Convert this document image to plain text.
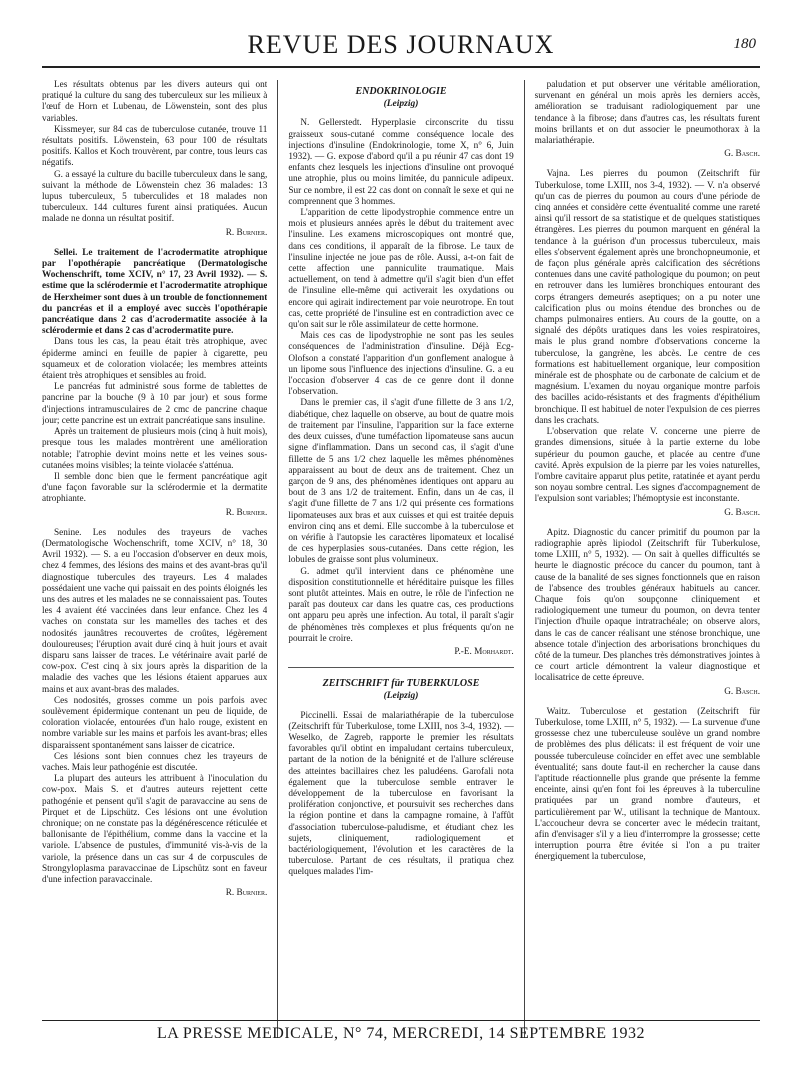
REVUE DES JOURNAUX	180

Les résultats obtenus par les divers auteurs qui ont pratiqué la culture du sang des tuberculeux sur les milieux à l'œuf de Horn et Lubenau, de Löwenstein, sont des plus variables.

Kissmeyer, sur 84 cas de tuberculose cutanée, trouve 11 résultats positifs. Löwenstein, 63 pour 100 de résultats positifs. Kallos et Koch trouvèrent, par contre, tous leurs cas négatifs.

G. a essayé la culture du bacille tuberculeux dans le sang, suivant la méthode de Löwenstein chez 36 malades: 13 lupus tuberculeux, 5 tuberculides et 18 malades non tuberculeux. 144 cultures furent ainsi pratiquées. Aucun malade ne donna un résultat positif.

R. Burnier.

Sellei. Le traitement de l'acrodermatite atrophique par l'opothérapie pancréatique (Dermatologische Wochenschrift, tome XCIV, n° 17, 23 Avril 1932). — S. estime que la sclérodermie et l'acrodermatite atrophique de Herxheimer sont dues à un trouble de fonctionnement du pancréas et il a employé avec succès l'opothérapie pancréatique dans 2 cas d'acrodermatite associée à la sclérodermie et dans 2 cas d'acrodermatite pure.

Dans tous les cas, la peau était très atrophique, avec épiderme aminci en feuille de papier à cigarette, peu squameux et de coloration violacée; les membres atteints étaient très atrophiques et sensibles au froid.

Le pancréas fut administré sous forme de tablettes de pancrine par la bouche (9 à 10 par jour) et sous forme d'injections intramusculaires de 2 cmc de pancrine chaque jour; cette pancrine est un extrait pancréatique sans insuline.

Après un traitement de plusieurs mois (cinq à huit mois), presque tous les malades montrèrent une amélioration notable; l'atrophie devint moins nette et les veines sous-cutanées moins visibles; la teinte violacée s'atténua.

Il semble donc bien que le ferment pancréatique agit d'une façon favorable sur la sclérodermie et la dermatite atrophiante.

R. Burnier.

Senine. Les nodules des trayeurs de vaches (Dermatologische Wochenschrift, tome XCIV, n° 18, 30 Avril 1932). — S. a eu l'occasion d'observer en deux mois, chez 4 femmes, des lésions des mains et des avant-bras qu'il diagnostique tubercules des trayeurs. Les 4 malades possédaient une vache qui paissait en des points éloignés les uns des autres et les malades ne se connaissaient pas. Toutes les 4 avaient été vaccinées dans leur enfance. Chez les 4 vaches on constata sur les mamelles des taches et des nodosités jaunâtres recouvertes de croûtes, légèrement douloureuses; l'éruption avait duré cinq à huit jours et avait disparu sans laisser de traces. Le vétérinaire avait parlé de cow-pox. C'est cinq à six jours après la disparition de la maladie des vaches que les lésions étaient apparues aux mains et aux avant-bras des malades.

Ces nodosités, grosses comme un pois parfois avec soulèvement épidermique contenant un peu de liquide, de coloration violacée, entourées d'un halo rouge, existent en nombre variable sur les mains et parfois les avant-bras; elles disparaissent spontanément sans laisser de cicatrice.

Ces lésions sont bien connues chez les trayeurs de vaches. Mais leur pathogénie est discutée.

La plupart des auteurs les attribuent à l'inoculation du cow-pox. Mais S. et d'autres auteurs rejettent cette pathogénie et pensent qu'il s'agit de paravaccine au sens de Pirquet et de Lipschütz. Ces lésions ont une évolution chronique; on ne constate pas la dégénérescence réticulée et ballonisante de l'épithélium, comme dans la vaccine et la variole. L'absence de pustules, d'immunité vis-à-vis de la variole, la présence dans un cas sur 4 de corpuscules de Strongyloplasma paravaccinae de Lipschütz sont en faveur d'une infection paravaccinale.

R. Burnier.
ENDOKRINOLOGIE
(Leipzig)

N. Gellerstedt. Hyperplasie circonscrite du tissu graisseux sous-cutané comme conséquence locale des injections d'insuline (Endokrinologie, tome X, n° 6, Juin 1932). — G. expose d'abord qu'il a pu réunir 47 cas dont 19 enfants chez lesquels les injections d'insuline ont provoqué une atrophie, plus ou moins limitée, du pannicule adipeux. Sur ce nombre, il est 22 cas dont on connaît le sexe et qui ne comprennent que 3 hommes.

L'apparition de cette lipodystrophie commence entre un mois et plusieurs années après le début du traitement avec l'insuline. Les examens microscopiques ont montré que, dans ces conditions, il apparaît de la fibrose. Le taux de l'insuline injectée ne joue pas de rôle. Aussi, a-t-on fait de cette affection une panniculite traumatique. Mais actuellement, on tend à admettre qu'il s'agit bien d'un effet de l'insuline elle-même qui activerait les oxydations ou encore qui agirait indirectement par voie neurotrope. En tout cas, cette propriété de l'insuline est en contradiction avec ce qu'on sait sur le rôle assimilateur de cette hormone.

Mais ces cas de lipodystrophie ne sont pas les seules conséquences de l'administration d'insuline. Déjà Ecg-Olofson a constaté l'apparition d'un gonflement analogue à un lipome sous l'influence des injections d'insuline. G. a eu l'occasion d'observer 4 cas de ce genre dont il donne l'observation.

Dans le premier cas, il s'agit d'une fillette de 3 ans 1/2, diabétique, chez laquelle on observe, au bout de quatre mois de traitement par l'insuline, l'apparition sur la face externe des deux cuisses, d'une tuméfaction lipomateuse sans aucun signe d'inflammation. Dans un second cas, il s'agit d'une fillette de 5 ans 1/2 chez laquelle les mêmes phénomènes apparaissent au bout de deux ans de traitement. Chez un garçon de 9 ans, des phénomènes identiques ont apparu au bout de 3 ans 1/2 de traitement. Enfin, dans un 4e cas, il s'agit d'une fillette de 7 ans 1/2 qui présente ces formations lipomateuses aux bras et aux cuisses et qui est traitée depuis environ cinq ans et demi. Elle succombe à la tuberculose et on vérifie à l'autopsie les caractères lipomateux et localisé de ces hyperplasies sous-cutanées. Dans cette région, les lobules de graisse sont plus volumineux.

G. admet qu'il intervient dans ce phénomène une disposition constitutionnelle et héréditaire puisque les filles sont plutôt atteintes. Mais en outre, le rôle de l'infection ne paraît pas douteux car dans les quatre cas, ces productions ont apparu peu après une infection. Au total, il paraît s'agir de phénomènes très complexes et plus fréquents qu'on ne pourrait le croire.

P.-E. Morhardt.
ZEITSCHRIFT für TUBERKULOSE
(Leipzig)

Piccinelli. Essai de malariathérapie de la tuberculose (Zeitschrift für Tuberkulose, tome LXIII, nos 3-4, 1932). — Weselko, de Zagreb, rapporte le premier les résultats favorables qu'il obtint en impaludant certains tuberculeux, partant de la notion de la bénignité et de l'allure scléreuse des atteintes bacillaires chez les paludéens. Garofali nota également que la tuberculose semble entraver le développement de la tuberculose en favorisant la prolifération conjonctive, et poursuivit ses recherches dans la région pontine et dans la campagne romaine, à l'affût d'association tuberculose-paludisme, et étudiant chez les sujets, cliniquement, radiologiquement et bactériologiquement, l'évolution et les caractères de la tuberculose. Partant de ces résultats, il pratiqua chez quelques malades l'im-

paludation et put observer une véritable amélioration, survenant en général un mois après les derniers accès, amélioration se traduisant radiologiquement par une tendance à la fibrose; dans d'autres cas, les résultats furent moins brillants et on dut associer le pneumothorax à la malariathérapie.

G. Basch.

Vajna. Les pierres du poumon (Zeitschrift für Tuberkulose, tome LXIII, nos 3-4, 1932). — V. n'a observé qu'un cas de pierres du poumon au cours d'une période de cinq années et considère cette éventualité comme une rareté ainsi qu'il ressort de sa statistique et de quelques statistiques étrangères. Les pierres du poumon marquent en général la tendance à la guérison d'un processus tuberculeux, mais elles s'observent également après une bronchopneumonie, et de façon plus générale après calcification des sécrétions contenues dans une cavité pathologique du poumon; on peut en retrouver dans les lumières bronchiques entourant des corps étrangers demeurés aseptiques; on a pu noter une calcification plus ou moins étendue des bronches ou de champs pulmonaires entiers. Au cours de la goutte, on a signalé des dépôts uratiques dans les voies respiratoires, mais le plus grand nombre d'observations concerne la tuberculose, la gangrène, les abcès. Le centre de ces formations est habituellement organique, leur composition minérale est de phosphate ou de carbonate de calcium et de magnésium. L'examen du noyau organique montre parfois des bacilles acido-résistants et des fragments d'épithélium bronchique. Il est habituel de noter l'expulsion de ces pierres dans les crachats.

L'observation que relate V. concerne une pierre de grandes dimensions, située à la partie externe du lobe supérieur du poumon gauche, et placée au centre d'une cavité. Après expulsion de la pierre par les voies naturelles, l'ombre cavitaire apparut plus petite, ratatinée et ayant perdu son noyau sombre central. Les signes d'accompagnement de l'expulsion sont variables; l'hémoptysie est inconstante.

G. Basch.

Apitz. Diagnostic du cancer primitif du poumon par la radiographie après lipiodol (Zeitschrift für Tuberkulose, tome LXIII, n° 5, 1932). — On sait à quelles difficultés se heurte le diagnostic précoce du cancer du poumon, tant à cause de la banalité de ses signes fonctionnels que en raison de l'absence des troubles généraux habituels au cancer. Chaque fois qu'on soupçonne cliniquement et radiologiquement une tumeur du poumon, on devra tenter l'injection d'huile opaque intratrachéale; on observe alors, dans le cas de cancer réalisant une sténose bronchique, une absence totale d'injection des arborisations bronchiques du côté de la tumeur. Des planches très démonstratives jointes à ce court article démontrent la valeur diagnostique et localisatrice de cette épreuve.

G. Basch.

Waitz. Tuberculose et gestation (Zeitschrift für Tuberkulose, tome LXIII, n° 5, 1932). — La survenue d'une grossesse chez une tuberculeuse soulève un grand nombre de problèmes des plus délicats: il est fréquent de voir une poussée tuberculeuse coïncider en effet avec une semblable éventualité; sans doute faut-il en rechercher la cause dans l'aptitude réactionnelle plus grande que présente la femme enceinte, ainsi qu'en font foi les épreuves à la tuberculine pratiquées par un grand nombre d'auteurs, et particulièrement par W., utilisant la technique de Mantoux. L'accoucheur devra se concerter avec le médecin traitant, afin d'envisager s'il y a lieu d'interrompre la grossesse; cette interruption pourra être évitée si l'on a pu traiter énergiquement la tuberculose,

LA PRESSE MEDICALE, N° 74, MERCREDI, 14 SEPTEMBRE 1932
